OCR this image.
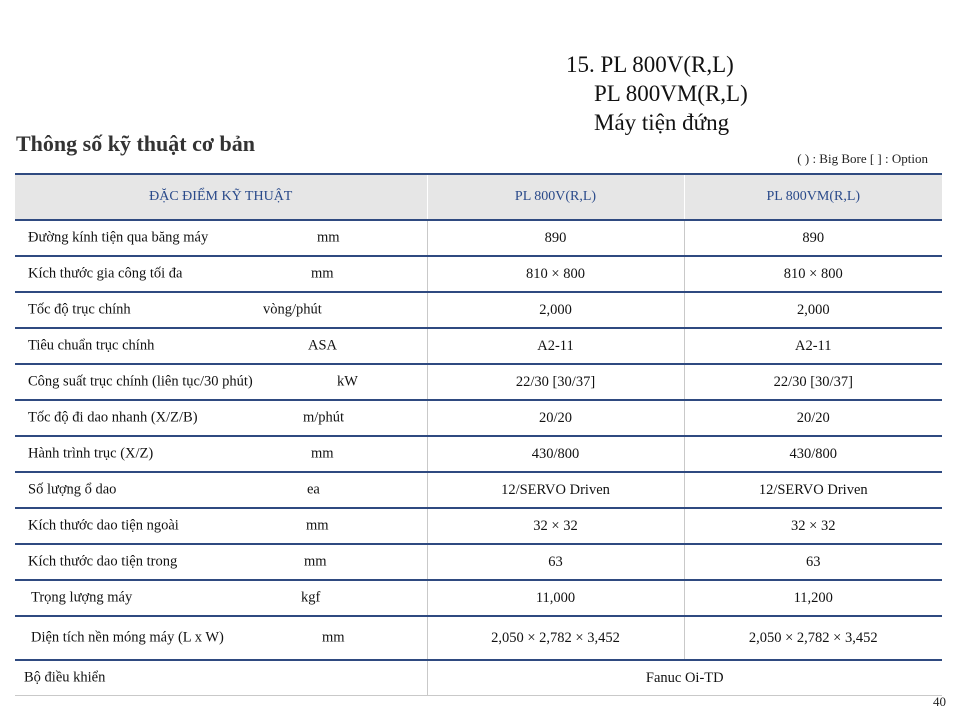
15. PL 800V(R,L)
PL 800VM(R,L)
Máy tiện đứng
Thông số kỹ thuật cơ bản
( ) : Big Bore [ ] : Option
ĐẶC ĐIỂM KỸ THUẬT	PL 800V(R,L)	PL 800VM(R,L)

Đường kính tiện qua băng máy mm	890	890

Kích thước gia công tối đa mm	810 × 800	810 × 800

Tốc độ trục chính vòng/phút	2,000	2,000

Tiêu chuẩn trục chính ASA	A2-11	A2-11

Công suất trục chính (liên tục/30 phút) kW	22/30 [30/37]	22/30 [30/37]

Tốc độ đi dao nhanh (X/Z/B) m/phút	20/20	20/20

Hành trình trục (X/Z) mm	430/800	430/800

Số lượng ổ dao ea	12/SERVO Driven	12/SERVO Driven

Kích thước dao tiện ngoài mm	32 × 32	32 × 32

Kích thước dao tiện trong mm	63	63

Trọng lượng máy kgf	11,000	11,200

Diện tích nền móng máy (L x W) mm	2,050 × 2,782 × 3,452	2,050 × 2,782 × 3,452

Bộ điều khiển	Fanuc Oi-TD	
40
